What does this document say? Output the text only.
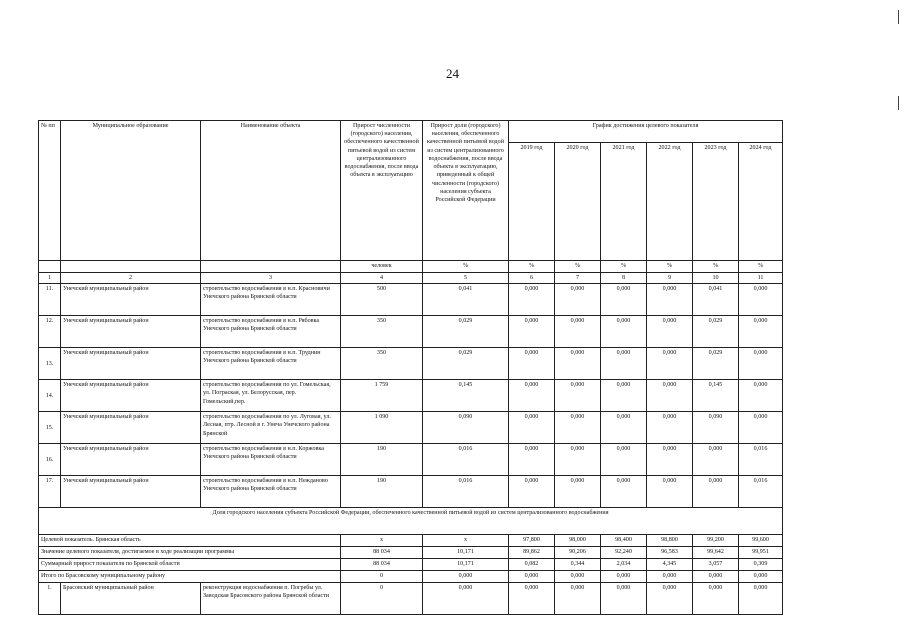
24
№ пп	Муниципальное образование	Наименование объекта	Прирост численности (городского) населения, обеспеченного качественной питьевой водой из систем централизованного водоснабжения, после ввода объекта в эксплуатацию	Прирост доли (городского) населения, обеспеченного качественной питьевой водой из систем централизованного водоснабжения, после ввода объекта в эксплуатацию, приведенный к общей численности (городского) населения субъекта Российской Федерации	График достижения целевого показателя					
					2019 год	2020 год	2021 год	2022 год	2023 год	2024 год
			человек	%	%	%	%	%	%	%
1	2	3	4	5	6	7	8	9	10	11
11.	Унечский муниципальный район	строительство водоснабжения в н.п. Красновичи Унечского района Брянской области	500	0,041	0,000	0,000	0,000	0,000	0,041	0,000
12.	Унечский муниципальный район	строительство водоснабжения в н.п. Рябовка Унечского района Брянской области	350	0,029	0,000	0,000	0,000	0,000	0,029	0,000
13.	Унечский муниципальный район	строительство водоснабжения в н.п. Труднин Унечского района Брянской области	350	0,029	0,000	0,000	0,000	0,000	0,029	0,000
14.	Унечский муниципальный район	строительство водоснабжения по ул. Гомельская, ул. Пограская, ул. Белорусская, пер. Гомельский,пер.	1 759	0,145	0,000	0,000	0,000	0,000	0,145	0,000
15.	Унечский муниципальный район	строительство водоснабжения по ул. Луговая, ул. Лесная, птр. Лесной в г. Унеча Унечского района Брянской	1 090	0,090	0,000	0,000	0,000	0,000	0,090	0,000
16.	Унечский муниципальный район	строительство водоснабжения в н.п. Коржовка Унечского района Брянской области	190	0,016	0,000	0,000	0,000	0,000	0,000	0,016
17.	Унечский муниципальный район	строительство водоснабжения в н.п. Неждановo Унечского района Брянской области	190	0,016	0,000	0,000	0,000	0,000	0,000	0,016
Доля городского населения субъекта Российской Федерации, обеспеченного качественной питьевой водой из систем централизованного водоснабжения										
Целевой показатель. Брянская область			х	х	97,800	98,000	98,400	98,800	99,200	99,600
Значение целевого показателя, достигаемое в ходе реализации программы			88 034	10,171	89,862	90,206	92,240	96,583	99,642	99,951
Суммарный прирост показателя по Брянской области			88 034	10,171	0,082	0,344	2,034	4,345	3,057	0,309
Итого по Брасовскому муниципальному району			0	0,000	0,000	0,000	0,000	0,000	0,000	0,000
1.	Брасовский муниципальный район	реконструкция водоснабжения п. Погребы ул. Заводская Брасовского района Брянской области	0	0,000	0,000	0,000	0,000	0,000	0,000	0,000
